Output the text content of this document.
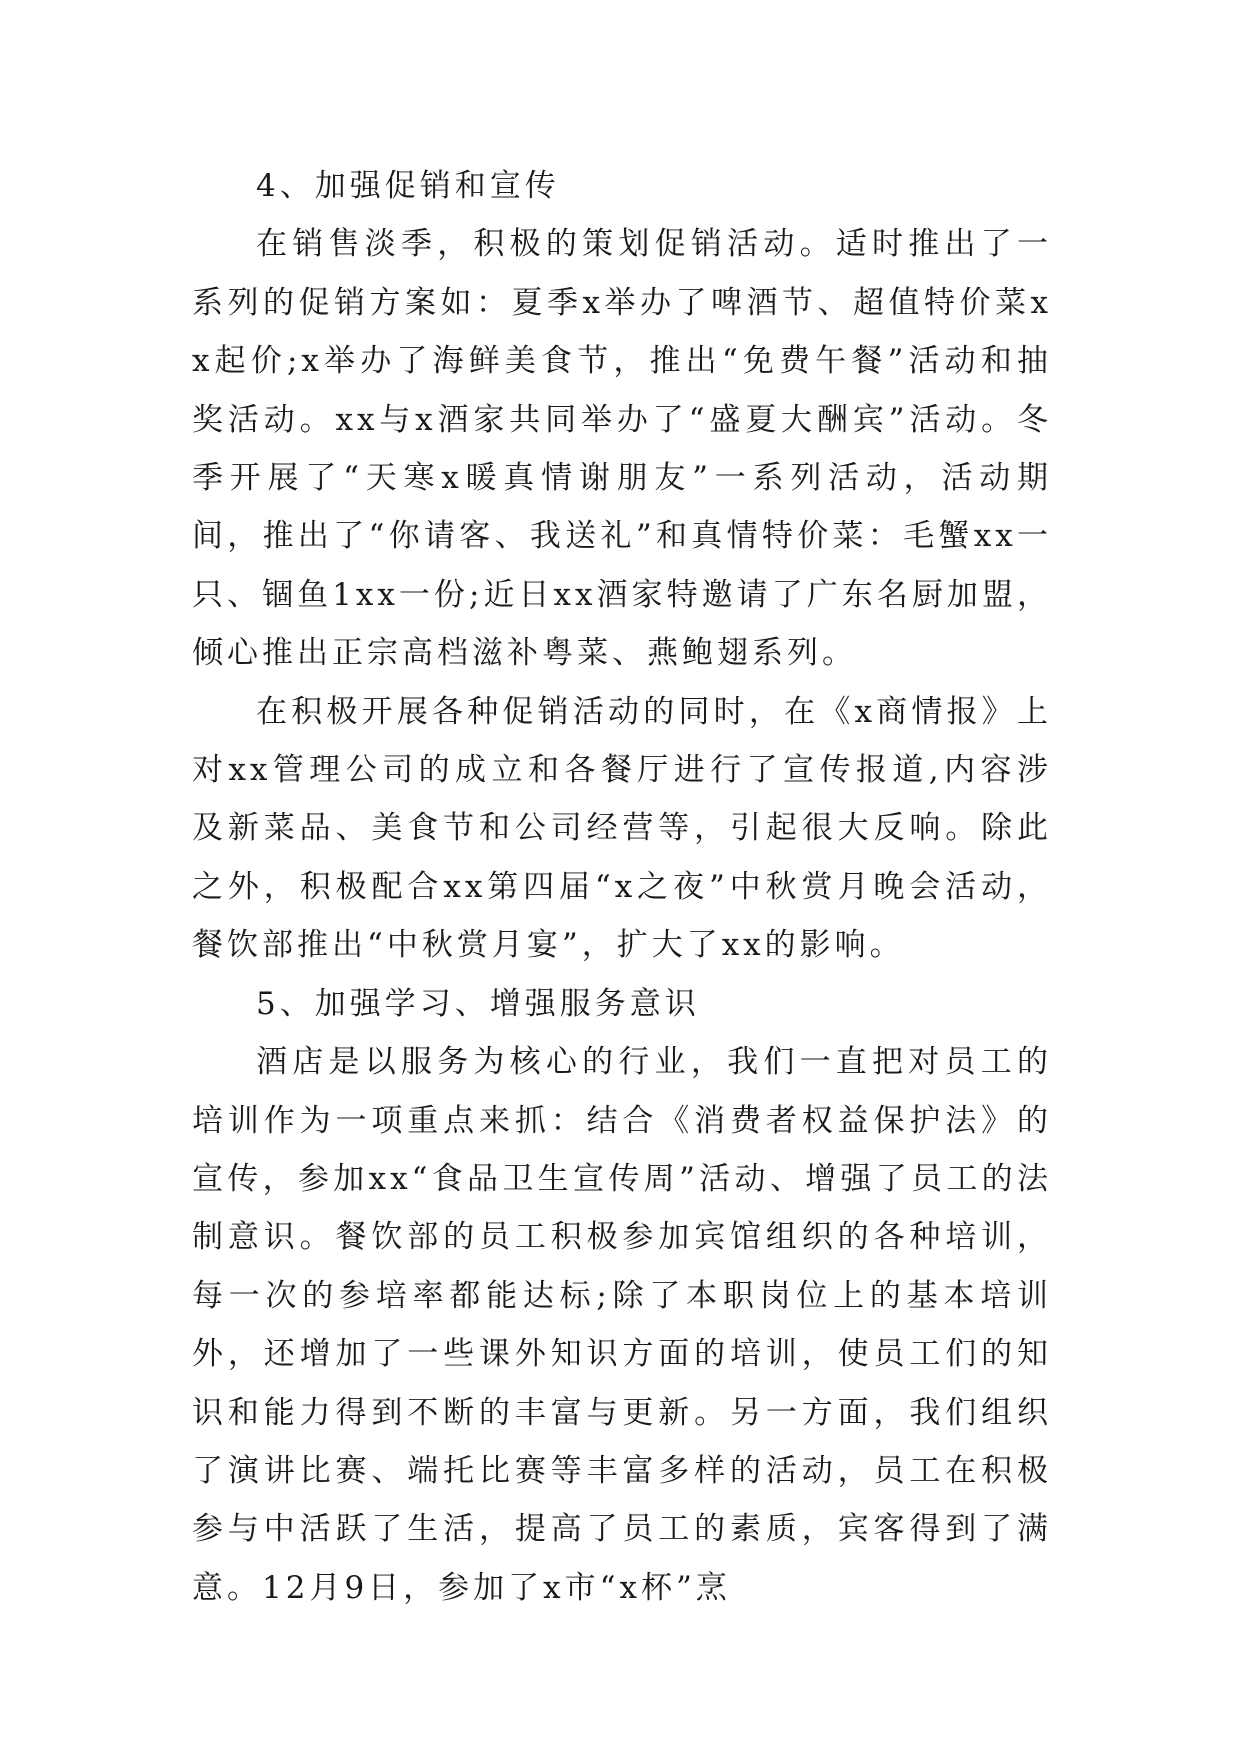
4、加强促销和宣传

在销售淡季，积极的策划促销活动。适时推出了一系列的促销方案如：夏季x举办了啤酒节、超值特价菜xx起价;x举办了海鲜美食节，推出“免费午餐”活动和抽奖活动。xx与x酒家共同举办了“盛夏大酬宾”活动。冬季开展了“天寒x暖真情谢朋友”一系列活动，活动期间，推出了“你请客、我送礼”和真情特价菜：毛蟹xx一只、锢鱼1xx一份;近日xx酒家特邀请了广东名厨加盟，倾心推出正宗高档滋补粤菜、燕鲍翅系列。

在积极开展各种促销活动的同时，在《x商情报》上对xx管理公司的成立和各餐厅进行了宣传报道,内容涉及新菜品、美食节和公司经营等，引起很大反响。除此之外，积极配合xx第四届“x之夜”中秋赏月晚会活动，餐饮部推出“中秋赏月宴”，扩大了xx的影响。

5、加强学习、增强服务意识

酒店是以服务为核心的行业，我们一直把对员工的培训作为一项重点来抓：结合《消费者权益保护法》的宣传，参加xx“食品卫生宣传周”活动、增强了员工的法制意识。餐饮部的员工积极参加宾馆组织的各种培训，每一次的参培率都能达标;除了本职岗位上的基本培训外，还增加了一些课外知识方面的培训，使员工们的知识和能力得到不断的丰富与更新。另一方面，我们组织了演讲比赛、端托比赛等丰富多样的活动，员工在积极参与中活跃了生活，提高了员工的素质，宾客得到了满意。12月9日，参加了x市“x杯”烹
